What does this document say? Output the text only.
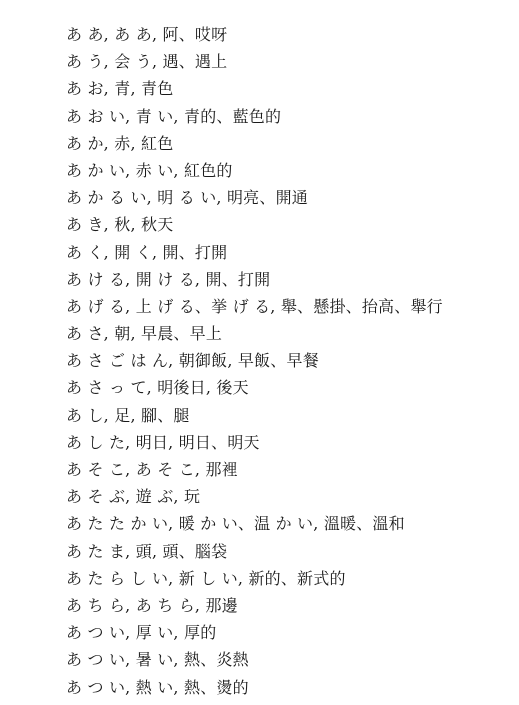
あ あ, あ あ, 阿、哎呀
あ う, 会 う, 遇、遇上
あ お, 青, 青色
あ お い, 青 い, 青的、藍色的
あ か, 赤, 紅色
あ か い, 赤 い, 紅色的
あ か る い, 明 る い, 明亮、開通
あ き, 秋, 秋天
あ く, 開 く, 開、打開
あ け る, 開 け る, 開、打開
あ げ る, 上 げ る、挙 げ る, 舉、懸掛、抬高、舉行
あ さ, 朝, 早晨、早上
あ さ ご は ん, 朝御飯, 早飯、早餐
あ さ っ て, 明後日, 後天
あ し, 足, 腳、腿
あ し た, 明日, 明日、明天
あ そ こ, あ そ こ, 那裡
あ そ ぶ, 遊 ぶ, 玩
あ た た か い, 暖 か い、温 か い, 溫暖、溫和
あ た ま, 頭, 頭、腦袋
あ た ら し い, 新 し い, 新的、新式的
あ ち ら, あ ち ら, 那邊
あ つ い, 厚 い, 厚的
あ つ い, 暑 い, 熱、炎熱
あ つ い, 熱 い, 熱、燙的
